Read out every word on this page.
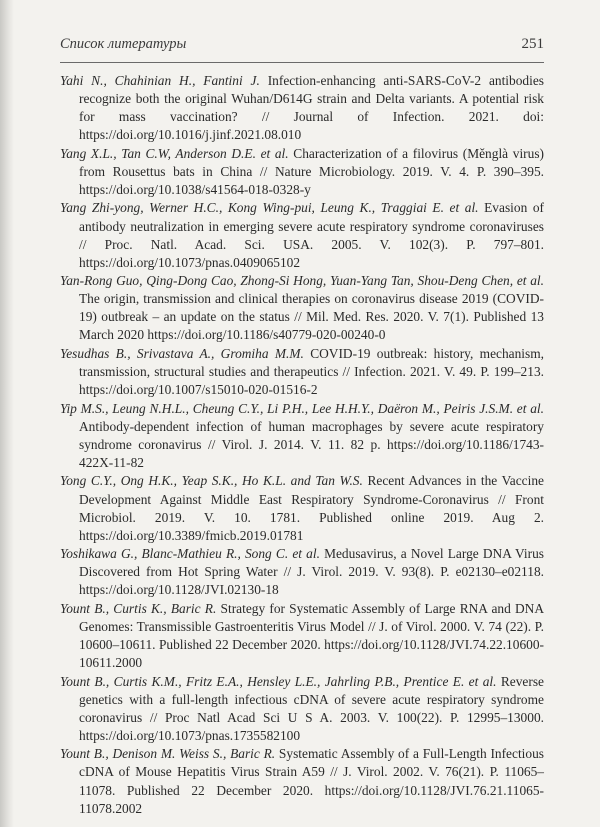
Список литературы	251
Yahi N., Chahinian H., Fantini J. Infection-enhancing anti-SARS-CoV-2 antibodies recognize both the original Wuhan/D614G strain and Delta variants. A potential risk for mass vaccination? // Journal of Infection. 2021. doi: https://doi.org/10.1016/j.jinf.2021.08.010
Yang X.L., Tan C.W, Anderson D.E. et al. Characterization of a filovirus (Měnglà virus) from Rousettus bats in China // Nature Microbiology. 2019. V. 4. P. 390–395. https://doi.org/10.1038/s41564-018-0328-y
Yang Zhi-yong, Werner H.C., Kong Wing-pui, Leung K., Traggiai E. et al. Evasion of antibody neutralization in emerging severe acute respiratory syndrome coronaviruses // Proc. Natl. Acad. Sci. USA. 2005. V. 102(3). P. 797–801. https://doi.org/10.1073/pnas.0409065102
Yan-Rong Guo, Qing-Dong Cao, Zhong-Si Hong, Yuan-Yang Tan, Shou-Deng Chen, et al. The origin, transmission and clinical therapies on coronavirus disease 2019 (COVID-19) outbreak – an update on the status // Mil. Med. Res. 2020. V. 7(1). Published 13 March 2020 https://doi.org/10.1186/s40779-020-00240-0
Yesudhas B., Srivastava A., Gromiha M.M. COVID-19 outbreak: history, mechanism, transmission, structural studies and therapeutics // Infection. 2021. V. 49. P. 199–213. https://doi.org/10.1007/s15010-020-01516-2
Yip M.S., Leung N.H.L., Cheung C.Y., Li P.H., Lee H.H.Y., Daëron M., Peiris J.S.M. et al. Antibody-dependent infection of human macrophages by severe acute respiratory syndrome coronavirus // Virol. J. 2014. V. 11. 82 p. https://doi.org/10.1186/1743-422X-11-82
Yong C.Y., Ong H.K., Yeap S.K., Ho K.L. and Tan W.S. Recent Advances in the Vaccine Development Against Middle East Respiratory Syndrome-Coronavirus // Front Microbiol. 2019. V. 10. 1781. Published online 2019. Aug 2. https://doi.org/10.3389/fmicb.2019.01781
Yoshikawa G., Blanc-Mathieu R., Song C. et al. Medusavirus, a Novel Large DNA Virus Discovered from Hot Spring Water // J. Virol. 2019. V. 93(8). P. e02130–e02118. https://doi.org/10.1128/JVI.02130-18
Yount B., Curtis K., Baric R. Strategy for Systematic Assembly of Large RNA and DNA Genomes: Transmissible Gastroenteritis Virus Model // J. of Virol. 2000. V. 74 (22). P. 10600–10611. Published 22 December 2020. https://doi.org/10.1128/JVI.74.22.10600-10611.2000
Yount B., Curtis K.M., Fritz E.A., Hensley L.E., Jahrling P.B., Prentice E. et al. Reverse genetics with a full-length infectious cDNA of severe acute respiratory syndrome coronavirus // Proc Natl Acad Sci U S A. 2003. V. 100(22). P. 12995–13000. https://doi.org/10.1073/pnas.1735582100
Yount B., Denison M. Weiss S., Baric R. Systematic Assembly of a Full-Length Infectious cDNA of Mouse Hepatitis Virus Strain A59 // J. Virol. 2002. V. 76(21). P. 11065–11078. Published 22 December 2020. https://doi.org/10.1128/JVI.76.21.11065-11078.2002
